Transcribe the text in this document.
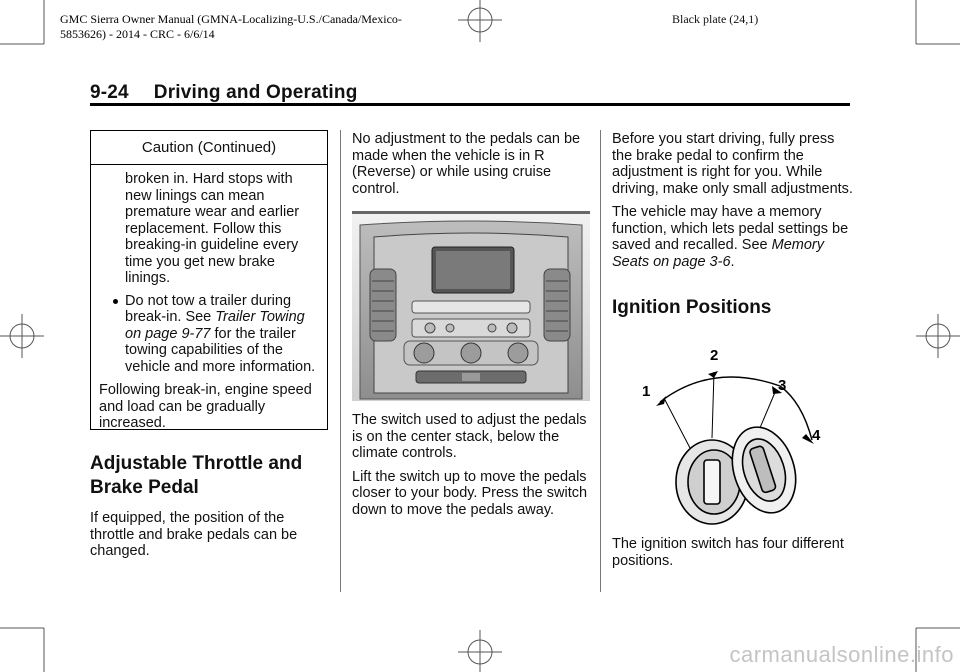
GMC Sierra Owner Manual (GMNA-Localizing-U.S./Canada/Mexico-
5853626) - 2014 - CRC - 6/6/14
Black plate (24,1)
9-24 Driving and Operating
Caution (Continued)
broken in. Hard stops with new linings can mean premature wear and earlier replacement. Follow this breaking-in guideline every time you get new brake linings.
Do not tow a trailer during break-in. See Trailer Towing on page 9-77 for the trailer towing capabilities of the vehicle and more information.
Following break-in, engine speed and load can be gradually increased.
Adjustable Throttle and Brake Pedal

If equipped, the position of the throttle and brake pedals can be changed.

No adjustment to the pedals can be made when the vehicle is in R (Reverse) or while using cruise control.

The switch used to adjust the pedals is on the center stack, below the climate controls.

Lift the switch up to move the pedals closer to your body. Press the switch down to move the pedals away.

Before you start driving, fully press the brake pedal to confirm the adjustment is right for you. While driving, make only small adjustments.

The vehicle may have a memory function, which lets pedal settings be saved and recalled. See Memory Seats on page 3-6.

Ignition Positions
1
2
3
4

The ignition switch has four different positions.

carmanualsonline.info
